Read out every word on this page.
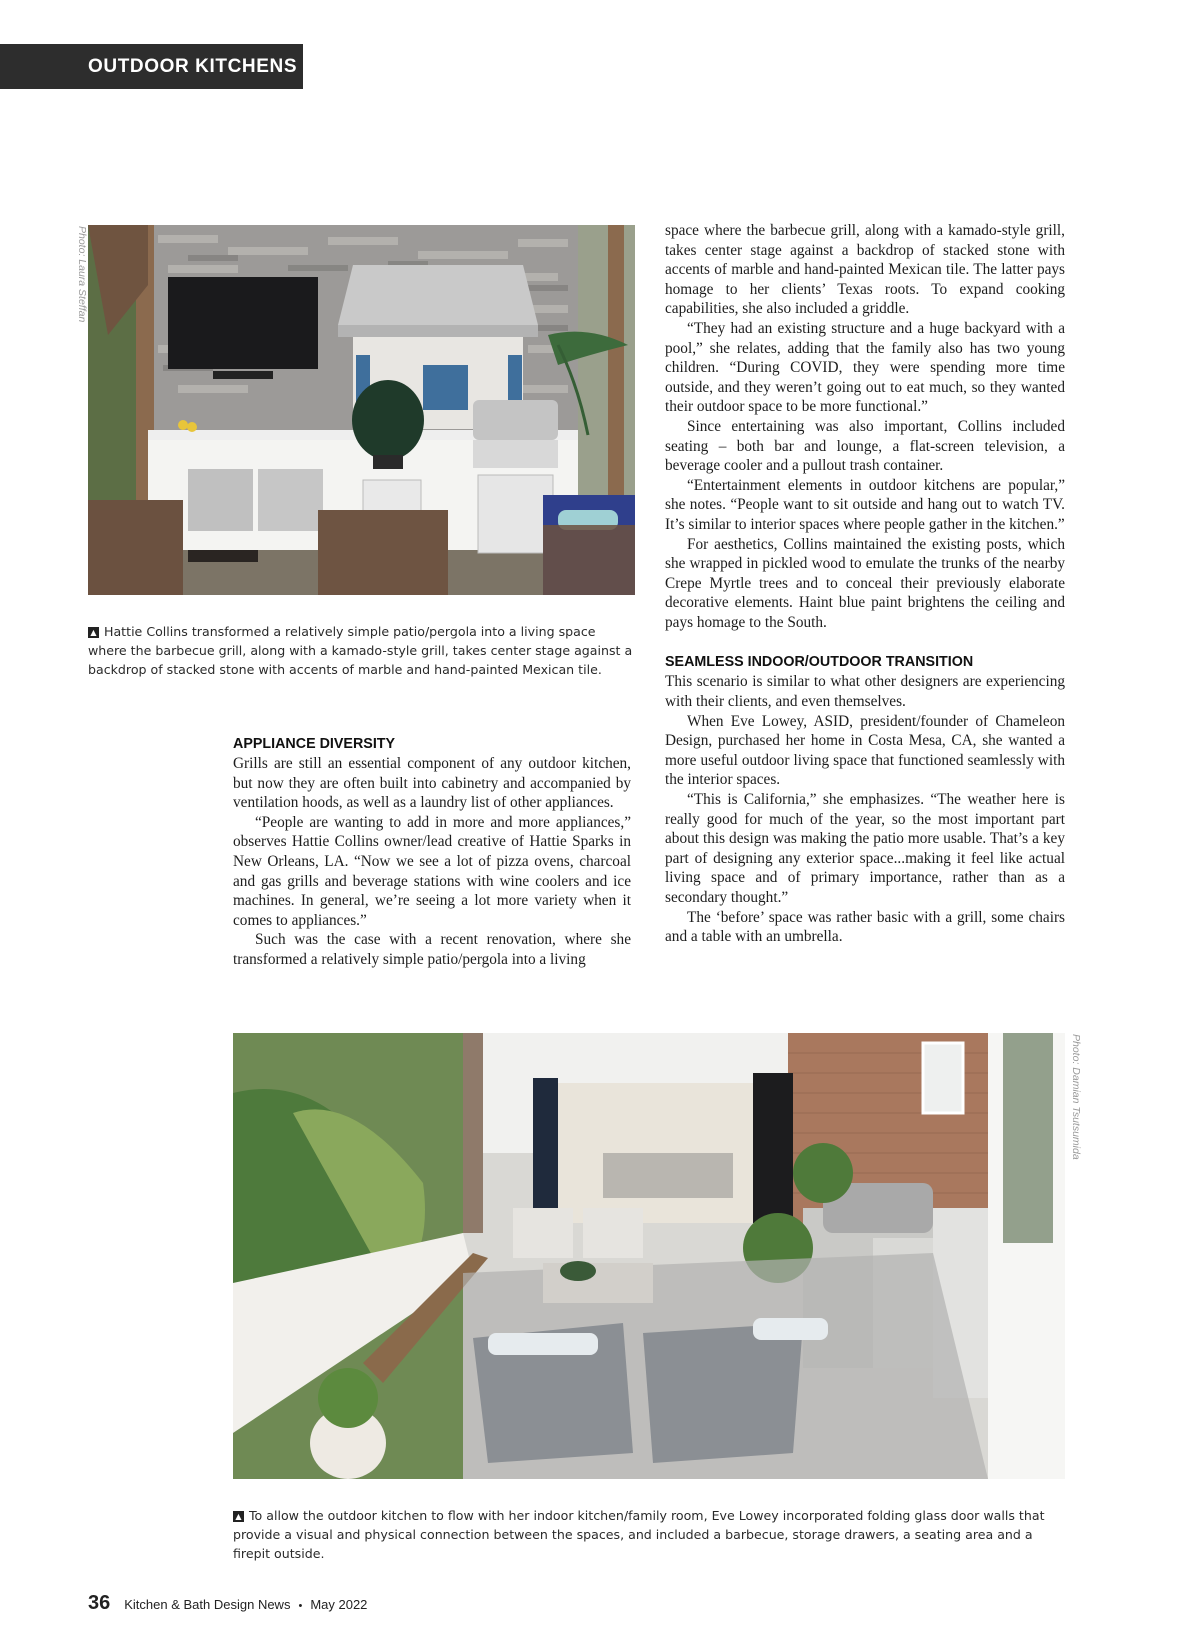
OUTDOOR KITCHENS
Photo: Laura Steffan
▲ Hattie Collins transformed a relatively simple patio/pergola into a living space where the barbecue grill, along with a kamado-style grill, takes center stage against a backdrop of stacked stone with accents of marble and hand-painted Mexican tile.

space where the barbecue grill, along with a kamado-style grill, takes center stage against a backdrop of stacked stone with accents of marble and hand-painted Mexican tile. The latter pays homage to her clients’ Texas roots. To expand cooking capabilities, she also included a griddle.

“They had an existing structure and a huge backyard with a pool,” she relates, adding that the family also has two young children. “During COVID, they were spending more time outside, and they weren’t going out to eat much, so they wanted their outdoor space to be more functional.”

Since entertaining was also important, Collins included seating – both bar and lounge, a flat-screen television, a beverage cooler and a pullout trash container.

“Entertainment elements in outdoor kitchens are popular,” she notes. “People want to sit outside and hang out to watch TV. It’s similar to interior spaces where people gather in the kitchen.”

For aesthetics, Collins maintained the existing posts, which she wrapped in pickled wood to emulate the trunks of the nearby Crepe Myrtle trees and to conceal their previously elaborate decorative elements. Haint blue paint brightens the ceiling and pays homage to the South.

SEAMLESS INDOOR/OUTDOOR TRANSITION

This scenario is similar to what other designers are experiencing with their clients, and even themselves.

When Eve Lowey, ASID, president/founder of Chameleon Design, purchased her home in Costa Mesa, CA, she wanted a more useful outdoor living space that functioned seamlessly with the interior spaces.

“This is California,” she emphasizes. “The weather here is really good for much of the year, so the most important part about this design was making the patio more usable. That’s a key part of designing any exterior space...making it feel like actual living space and of primary importance, rather than as a secondary thought.”

The ‘before’ space was rather basic with a grill, some chairs and a table with an umbrella.

APPLIANCE DIVERSITY

Grills are still an essential component of any outdoor kitchen, but now they are often built into cabinetry and accompanied by ventilation hoods, as well as a laundry list of other appliances.

“People are wanting to add in more and more appliances,” observes Hattie Collins owner/lead creative of Hattie Sparks in New Orleans, LA. “Now we see a lot of pizza ovens, charcoal and gas grills and beverage stations with wine coolers and ice machines. In general, we’re seeing a lot more variety when it comes to appliances.”

Such was the case with a recent renovation, where she transformed a relatively simple patio/pergola into a living

Photo: Damian Tsutsumida
▲ To allow the outdoor kitchen to flow with her indoor kitchen/family room, Eve Lowey incorporated folding glass door walls that provide a visual and physical connection between the spaces, and included a barbecue, storage drawers, a seating area and a firepit outside.
36 Kitchen & Bath Design News • May 2022
